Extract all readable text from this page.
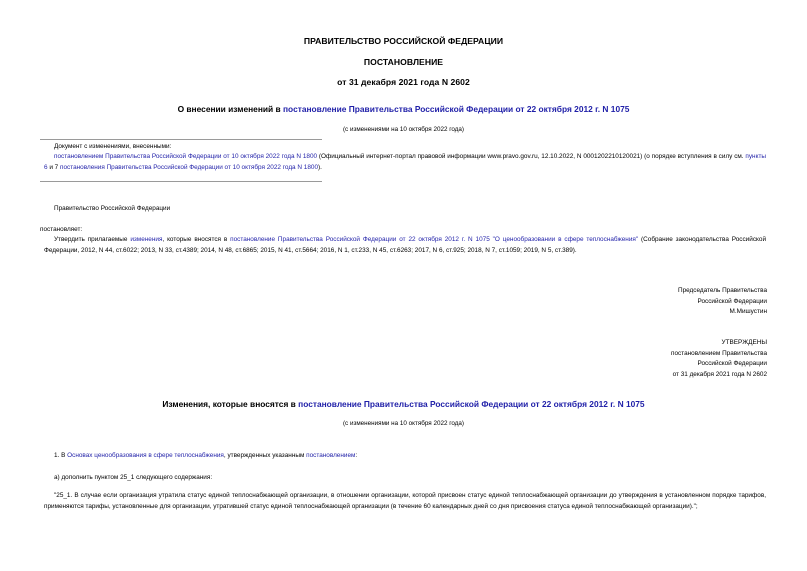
ПРАВИТЕЛЬСТВО РОССИЙСКОЙ ФЕДЕРАЦИИ
ПОСТАНОВЛЕНИЕ
от 31 декабря 2021 года N 2602
О внесении изменений в постановление Правительства Российской Федерации от 22 октября 2012 г. N 1075
(с изменениями на 10 октября 2022 года)
Документ с изменениями, внесенными:
постановлением Правительства Российской Федерации от 10 октября 2022 года N 1800 (Официальный интернет-портал правовой информации www.pravo.gov.ru, 12.10.2022, N 0001202210120021) (о порядке вступления в силу см. пункты 6 и 7 постановления Правительства Российской Федерации от 10 октября 2022 года N 1800).
Правительство Российской Федерации
постановляет:
Утвердить прилагаемые изменения, которые вносятся в постановление Правительства Российской Федерации от 22 октября 2012 г. N 1075 "О ценообразовании в сфере теплоснабжения" (Собрание законодательства Российской Федерации, 2012, N 44, ст.6022; 2013, N 33, ст.4389; 2014, N 48, ст.6865; 2015, N 41, ст.5664; 2016, N 1, ст.233, N 45, ст.6263; 2017, N 6, ст.925; 2018, N 7, ст.1059; 2019, N 5, ст.389).
Председатель Правительства
Российской Федерации
М.Мишустин
УТВЕРЖДЕНЫ
постановлением Правительства
Российской Федерации
от 31 декабря 2021 года N 2602
Изменения, которые вносятся в постановление Правительства Российской Федерации от 22 октября 2012 г. N 1075
(с изменениями на 10 октября 2022 года)
1. В Основах ценообразования в сфере теплоснабжения, утвержденных указанным постановлением:
а) дополнить пунктом 25_1 следующего содержания:
"25_1. В случае если организация утратила статус единой теплоснабжающей организации, в отношении организации, которой присвоен статус единой теплоснабжающей организации до утверждения в установленном порядке тарифов, применяются тарифы, установленные для организации, утратившей статус единой теплоснабжающей организации (в течение 60 календарных дней со дня присвоения статуса единой теплоснабжающей организации).";
